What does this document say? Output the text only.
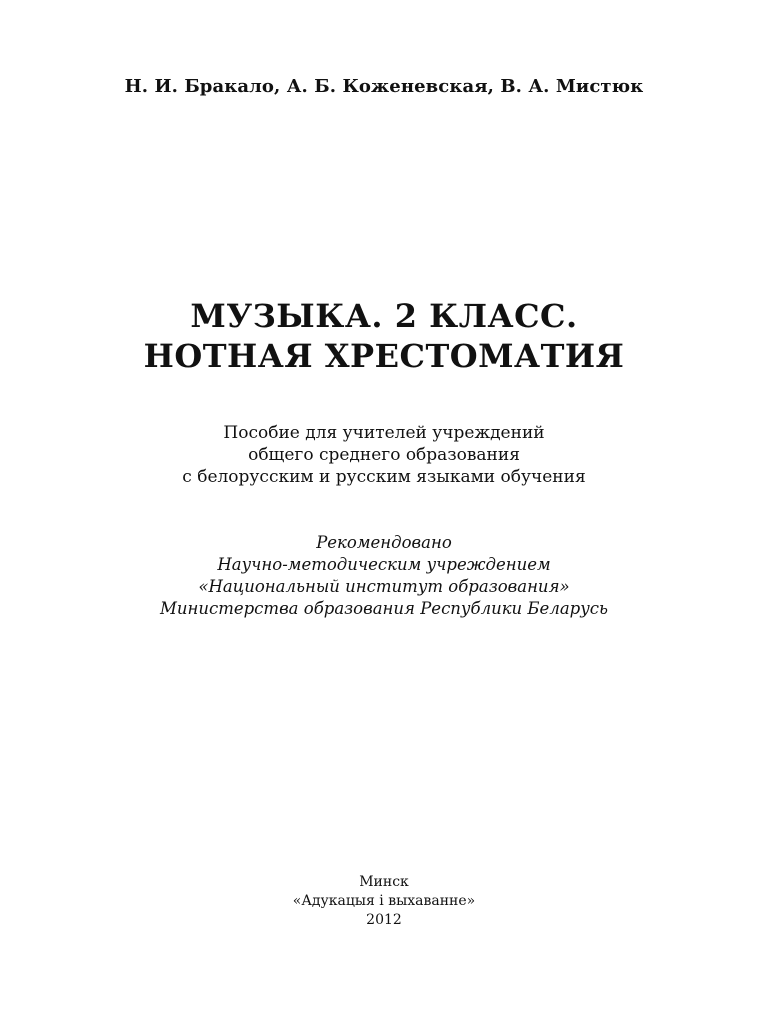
Н. И. Бракало, А. Б. Коженевская, В. А. Мистюк
МУЗЫКА. 2 КЛАСС.
НОТНАЯ ХРЕСТОМАТИЯ
Пособие для учителей учреждений
общего среднего образования
с белорусским и русским языками обучения
Рекомендовано
Научно-методическим учреждением
«Национальный институт образования»
Министерства образования Республики Беларусь
Минск
«Адукацыя і выхаванне»
2012
